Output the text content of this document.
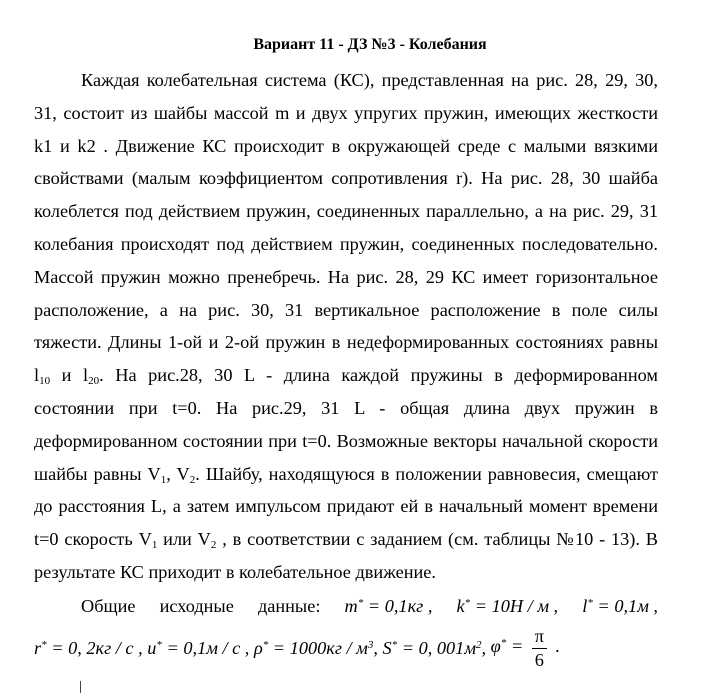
Вариант 11 - ДЗ №3 - Колебания
Каждая колебательная система (КС), представленная на рис. 28, 29, 30, 31, состоит из шайбы массой m и двух упругих пружин, имеющих жесткости k1 и k2 . Движение КС происходит в окружающей среде с малыми вязкими свойствами (малым коэффициентом сопротивления r). На рис. 28, 30 шайба колеблется под действием пружин, соединенных параллельно, а на рис. 29, 31 колебания происходят под действием пружин, соединенных последовательно. Массой пружин можно пренебречь. На рис. 28, 29 КС имеет горизонтальное расположение, а на рис. 30, 31 вертикальное расположение в поле силы тяжести. Длины 1-ой и 2-ой пружин в недеформированных состояниях равны $l_{10}$ и $l_{20}$. На рис.28, 30 L - длина каждой пружины в деформированном состоянии при t=0. На рис.29, 31 L - общая длина двух пружин в деформированном состоянии при t=0. Возможные векторы начальной скорости шайбы равны $V_1$, $V_2$. Шайбу, находящуюся в положении равновесия, смещают до расстояния L, а затем импульсом придают ей в начальный момент времени t=0 скорость $V_1$ или $V_2$ , в соответствии с заданием (см. таблицы №10 - 13). В результате КС приходит в колебательное движение.
Общие исходные данные: m* = 0,1кг , k* = 10H / м , l* = 0,1м ,
r* = 0, 2кг / с , u* = 0,1м / с , $\rho^* = 1000кг / м^3$, S* = 0, $001м^2$, $\varphi^* = \frac{\pi}{6}$ .
